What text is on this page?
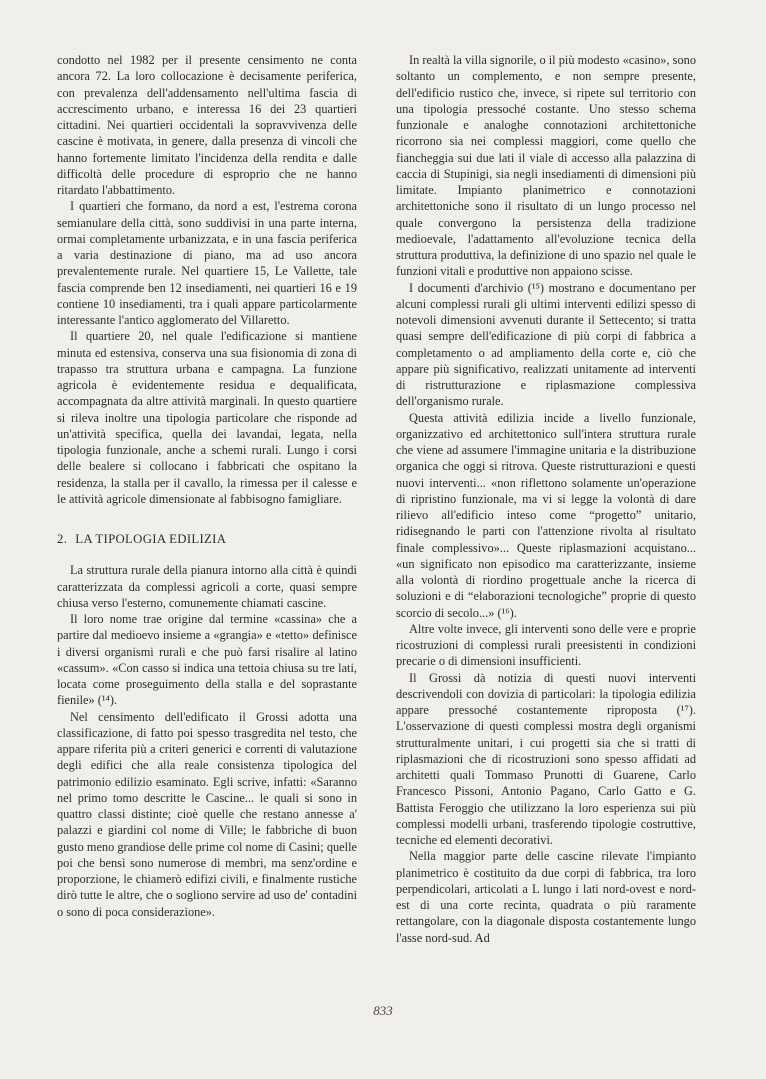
condotto nel 1982 per il presente censimento ne conta ancora 72. La loro collocazione è decisamente periferica, con prevalenza dell'addensamento nell'ultima fascia di accrescimento urbano, e interessa 16 dei 23 quartieri cittadini. Nei quartieri occidentali la sopravvivenza delle cascine è motivata, in genere, dalla presenza di vincoli che hanno fortemente limitato l'incidenza della rendita e dalle difficoltà delle procedure di esproprio che ne hanno ritardato l'abbattimento.

I quartieri che formano, da nord a est, l'estrema corona semianulare della città, sono suddivisi in una parte interna, ormai completamente urbanizzata, e in una fascia periferica a varia destinazione di piano, ma ad uso ancora prevalentemente rurale. Nel quartiere 15, Le Vallette, tale fascia comprende ben 12 insediamenti, nei quartieri 16 e 19 contiene 10 insediamenti, tra i quali appare particolarmente interessante l'antico agglomerato del Villaretto.

Il quartiere 20, nel quale l'edificazione si mantiene minuta ed estensiva, conserva una sua fisionomia di zona di trapasso tra struttura urbana e campagna. La funzione agricola è evidentemente residua e dequalificata, accompagnata da altre attività marginali. In questo quartiere si rileva inoltre una tipologia particolare che risponde ad un'attività specifica, quella dei lavandai, legata, nella tipologia funzionale, anche a schemi rurali. Lungo i corsi delle bealere si collocano i fabbricati che ospitano la residenza, la stalla per il cavallo, la rimessa per il calesse e le attività agricole dimensionate al fabbisogno famigliare.

2. LA TIPOLOGIA EDILIZIA

La struttura rurale della pianura intorno alla città è quindi caratterizzata da complessi agricoli a corte, quasi sempre chiusa verso l'esterno, comunemente chiamati cascine.

Il loro nome trae origine dal termine «cassina» che a partire dal medioevo insieme a «grangia» e «tetto» definisce i diversi organismi rurali e che può farsi risalire al latino «cassum». «Con casso si indica una tettoia chiusa su tre lati, locata come proseguimento della stalla e del soprastante fienile» (¹⁴).

Nel censimento dell'edificato il Grossi adotta una classificazione, di fatto poi spesso trasgredita nel testo, che appare riferita più a criteri generici e correnti di valutazione degli edifici che alla reale consistenza tipologica del patrimonio edilizio esaminato. Egli scrive, infatti: «Saranno nel primo tomo descritte le Cascine... le quali si sono in quattro classi distinte; cioè quelle che restano annesse a' palazzi e giardini col nome di Ville; le fabbriche di buon gusto meno grandiose delle prime col nome di Casini; quelle poi che bensì sono numerose di membri, ma senz'ordine e proporzione, le chiamerò edifizi civili, e finalmente rustiche dirò tutte le altre, che o sogliono servire ad uso de' contadini o sono di poca considerazione».

In realtà la villa signorile, o il più modesto «casino», sono soltanto un complemento, e non sempre presente, dell'edificio rustico che, invece, si ripete sul territorio con una tipologia pressoché costante. Uno stesso schema funzionale e analoghe connotazioni architettoniche ricorrono sia nei complessi maggiori, come quello che fiancheggia sui due lati il viale di accesso alla palazzina di caccia di Stupinigi, sia negli insediamenti di dimensioni più limitate. Impianto planimetrico e connotazioni architettoniche sono il risultato di un lungo processo nel quale convergono la persistenza della tradizione medioevale, l'adattamento all'evoluzione tecnica della struttura produttiva, la definizione di uno spazio nel quale le funzioni vitali e produttive non appaiono scisse.

I documenti d'archivio (¹⁵) mostrano e documentano per alcuni complessi rurali gli ultimi interventi edilizi spesso di notevoli dimensioni avvenuti durante il Settecento; si tratta quasi sempre dell'edificazione di più corpi di fabbrica a completamento o ad ampliamento della corte e, ciò che appare più significativo, realizzati unitamente ad interventi di ristrutturazione e riplasmazione complessiva dell'organismo rurale.

Questa attività edilizia incide a livello funzionale, organizzativo ed architettonico sull'intera struttura rurale che viene ad assumere l'immagine unitaria e la distribuzione organica che oggi si ritrova. Queste ristrutturazioni e questi nuovi interventi... «non riflettono solamente un'operazione di ripristino funzionale, ma vi si legge la volontà di dare rilievo all'edificio inteso come “progetto” unitario, ridisegnando le parti con l'attenzione rivolta al risultato finale complessivo»... Queste riplasmazioni acquistano... «un significato non episodico ma caratterizzante, insieme alla volontà di riordino progettuale anche la ricerca di soluzioni e di “elaborazioni tecnologiche” proprie di questo scorcio di secolo...» (¹⁶).

Altre volte invece, gli interventi sono delle vere e proprie ricostruzioni di complessi rurali preesistenti in condizioni precarie o di dimensioni insufficienti.

Il Grossi dà notizia di questi nuovi interventi descrivendoli con dovizia di particolari: la tipologia edilizia appare pressoché costantemente riproposta (¹⁷). L'osservazione di questi complessi mostra degli organismi strutturalmente unitari, i cui progetti sia che si tratti di riplasmazioni che di ricostruzioni sono spesso affidati ad architetti quali Tommaso Prunotti di Guarene, Carlo Francesco Pissoni, Antonio Pagano, Carlo Gatto e G. Battista Feroggio che utilizzano la loro esperienza sui più complessi modelli urbani, trasferendo tipologie costruttive, tecniche ed elementi decorativi.

Nella maggior parte delle cascine rilevate l'impianto planimetrico è costituito da due corpi di fabbrica, tra loro perpendicolari, articolati a L lungo i lati nord-ovest e nord-est di una corte recinta, quadrata o più raramente rettangolare, con la diagonale disposta costantemente lungo l'asse nord-sud. Ad

833
